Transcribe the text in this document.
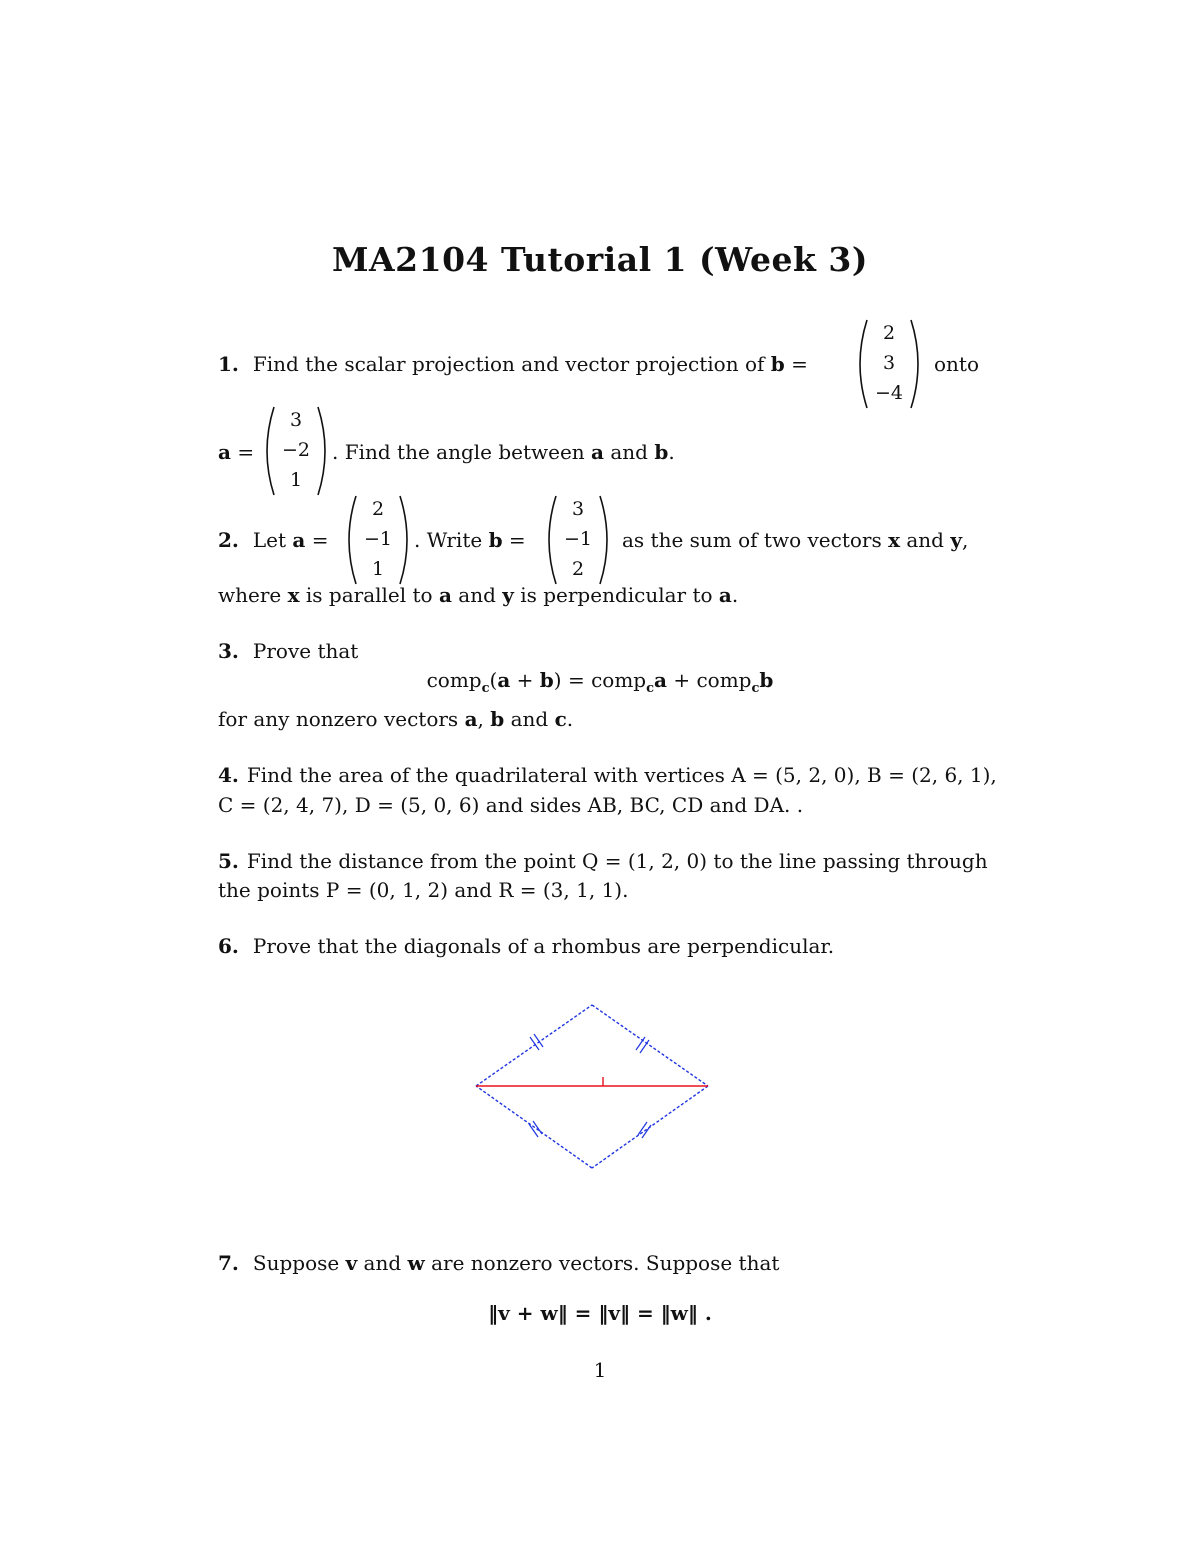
MA2104 Tutorial 1 (Week 3)
1. Find the scalar projection and vector projection of b =
2
3
−4
onto
a =
3
−2
1
. Find the angle between a and b.
2. Let a =
2
−1
1
. Write b =
3
−1
2
as the sum of two vectors x and y,
where x is parallel to a and y is perpendicular to a.
3. Prove that
comp$_c$(a + b) = comp$_c$a + comp$_c$b
for any nonzero vectors a, b and c.
4. Find the area of the quadrilateral with vertices A = (5, 2, 0), B = (2, 6, 1),
C = (2, 4, 7), D = (5, 0, 6) and sides AB, BC, CD and DA. .
5. Find the distance from the point Q = (1, 2, 0) to the line passing through
the points P = (0, 1, 2) and R = (3, 1, 1).
6. Prove that the diagonals of a rhombus are perpendicular.
7. Suppose v and w are nonzero vectors. Suppose that
‖v + w‖ = ‖v‖ = ‖w‖ .
1
